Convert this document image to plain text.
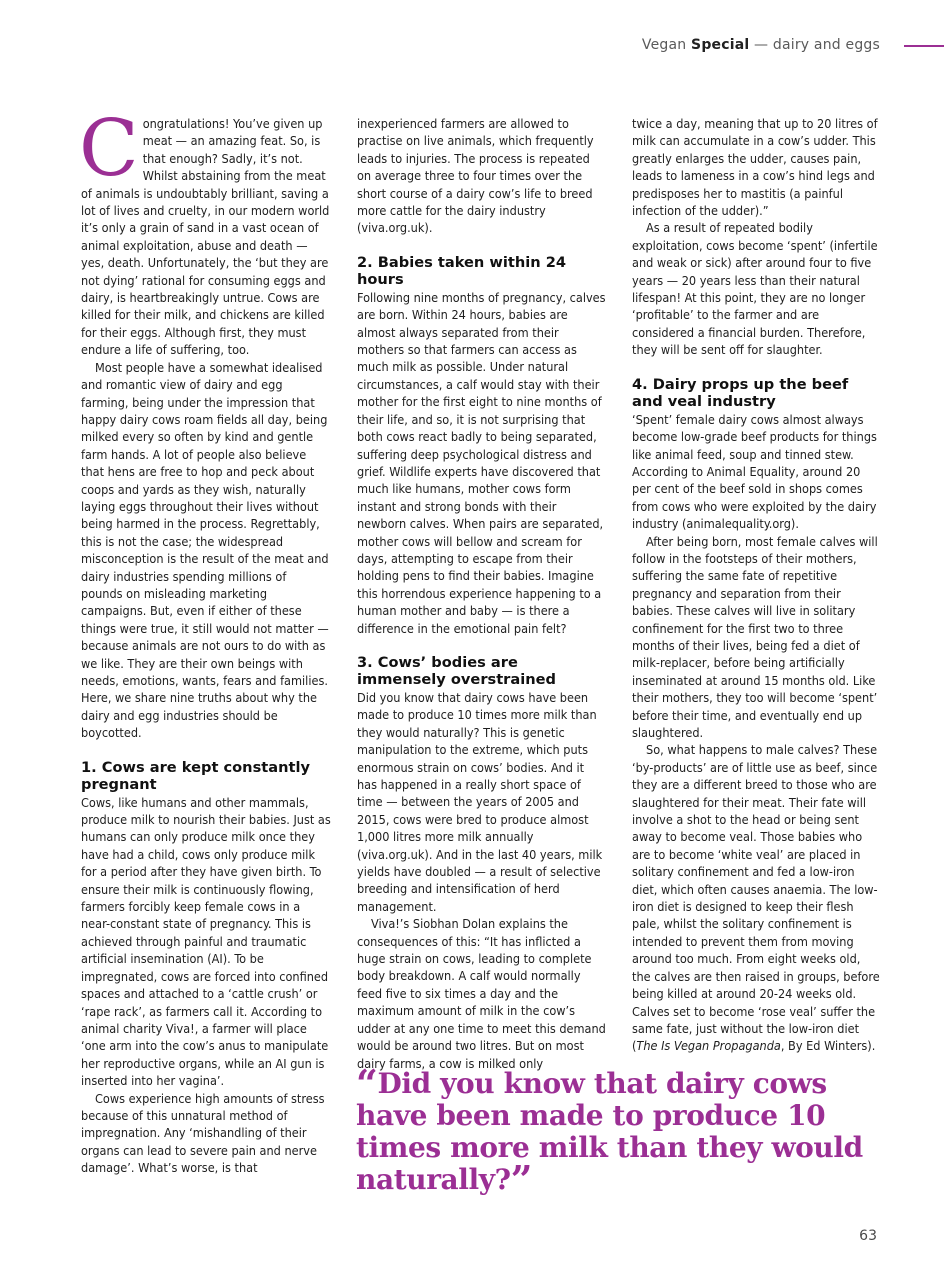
Vegan Special — dairy and eggs

Congratulations! You’ve given up meat — an amazing feat. So, is that enough? Sadly, it’s not. Whilst abstaining from the meat of animals is undoubtably brilliant, saving a lot of lives and cruelty, in our modern world it’s only a grain of sand in a vast ocean of animal exploitation, abuse and death — yes, death. Unfortunately, the ‘but they are not dying’ rational for consuming eggs and dairy, is heartbreakingly untrue. Cows are killed for their milk, and chickens are killed for their eggs. Although first, they must endure a life of suffering, too.

Most people have a somewhat idealised and romantic view of dairy and egg farming, being under the impression that happy dairy cows roam fields all day, being milked every so often by kind and gentle farm hands. A lot of people also believe that hens are free to hop and peck about coops and yards as they wish, naturally laying eggs throughout their lives without being harmed in the process. Regrettably, this is not the case; the widespread misconception is the result of the meat and dairy industries spending millions of pounds on misleading marketing campaigns. But, even if either of these things were true, it still would not matter — because animals are not ours to do with as we like. They are their own beings with needs, emotions, wants, fears and families. Here, we share nine truths about why the dairy and egg industries should be boycotted.

1. Cows are kept constantly pregnant

Cows, like humans and other mammals, produce milk to nourish their babies. Just as humans can only produce milk once they have had a child, cows only produce milk for a period after they have given birth. To ensure their milk is continuously flowing, farmers forcibly keep female cows in a near-constant state of pregnancy. This is achieved through painful and traumatic artificial insemination (AI). To be impregnated, cows are forced into confined spaces and attached to a ‘cattle crush’ or ‘rape rack’, as farmers call it. According to animal charity Viva!, a farmer will place ‘one arm into the cow’s anus to manipulate her reproductive organs, while an AI gun is inserted into her vagina’.

Cows experience high amounts of stress because of this unnatural method of impregnation. Any ‘mishandling of their organs can lead to severe pain and nerve damage’. What’s worse, is that

inexperienced farmers are allowed to practise on live animals, which frequently leads to injuries. The process is repeated on average three to four times over the short course of a dairy cow’s life to breed more cattle for the dairy industry (viva.org.uk).

2. Babies taken within 24 hours

Following nine months of pregnancy, calves are born. Within 24 hours, babies are almost always separated from their mothers so that farmers can access as much milk as possible. Under natural circumstances, a calf would stay with their mother for the first eight to nine months of their life, and so, it is not surprising that both cows react badly to being separated, suffering deep psychological distress and grief. Wildlife experts have discovered that much like humans, mother cows form instant and strong bonds with their newborn calves. When pairs are separated, mother cows will bellow and scream for days, attempting to escape from their holding pens to find their babies. Imagine this horrendous experience happening to a human mother and baby — is there a difference in the emotional pain felt?

3. Cows’ bodies are immensely overstrained

Did you know that dairy cows have been made to produce 10 times more milk than they would naturally? This is genetic manipulation to the extreme, which puts enormous strain on cows’ bodies. And it has happened in a really short space of time — between the years of 2005 and 2015, cows were bred to produce almost 1,000 litres more milk annually (viva.org.uk). And in the last 40 years, milk yields have doubled — a result of selective breeding and intensification of herd management.

Viva!’s Siobhan Dolan explains the consequences of this: “It has inflicted a huge strain on cows, leading to complete body breakdown. A calf would normally feed five to six times a day and the maximum amount of milk in the cow’s udder at any one time to meet this demand would be around two litres. But on most dairy farms, a cow is milked only

twice a day, meaning that up to 20 litres of milk can accumulate in a cow’s udder. This greatly enlarges the udder, causes pain, leads to lameness in a cow’s hind legs and predisposes her to mastitis (a painful infection of the udder).”

As a result of repeated bodily exploitation, cows become ‘spent’ (infertile and weak or sick) after around four to five years — 20 years less than their natural lifespan! At this point, they are no longer ‘profitable’ to the farmer and are considered a financial burden. Therefore, they will be sent off for slaughter.

4. Dairy props up the beef and veal industry

‘Spent’ female dairy cows almost always become low-grade beef products for things like animal feed, soup and tinned stew. According to Animal Equality, around 20 per cent of the beef sold in shops comes from cows who were exploited by the dairy industry (animalequality.org).

After being born, most female calves will follow in the footsteps of their mothers, suffering the same fate of repetitive pregnancy and separation from their babies. These calves will live in solitary confinement for the first two to three months of their lives, being fed a diet of milk-replacer, before being artificially inseminated at around 15 months old. Like their mothers, they too will become ‘spent’ before their time, and eventually end up slaughtered.

So, what happens to male calves? These ‘by-products’ are of little use as beef, since they are a different breed to those who are slaughtered for their meat. Their fate will involve a shot to the head or being sent away to become veal. Those babies who are to become ‘white veal’ are placed in solitary confinement and fed a low-iron diet, which often causes anaemia. The low-iron diet is designed to keep their flesh pale, whilst the solitary confinement is intended to prevent them from moving around too much. From eight weeks old, the calves are then raised in groups, before being killed at around 20-24 weeks old. Calves set to become ‘rose veal’ suffer the same fate, just without the low-iron diet (The Is Vegan Propaganda, By Ed Winters).

“Did you know that dairy cows have been made to produce 10 times more milk than they would naturally?”
63
